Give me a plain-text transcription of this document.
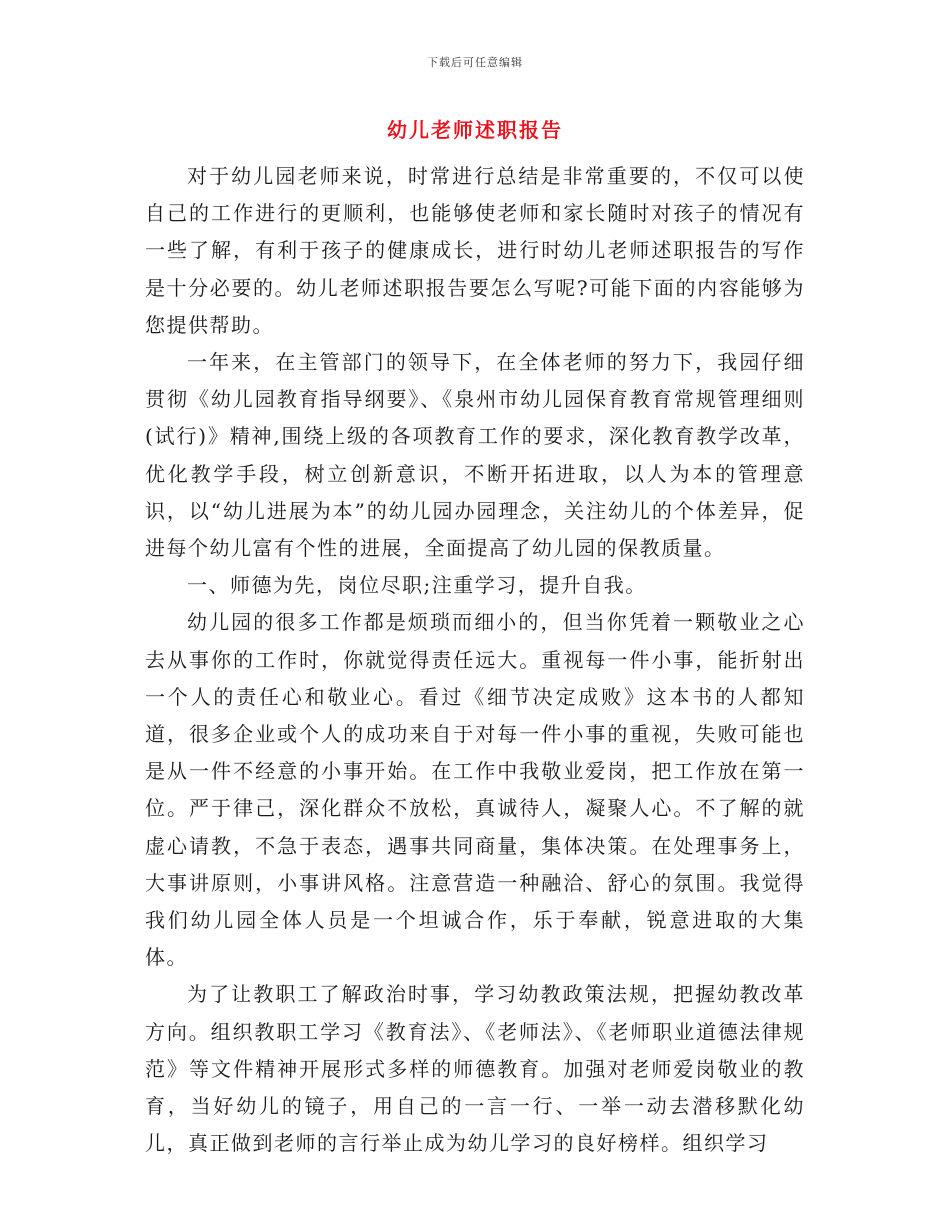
下载后可任意编辑
幼儿老师述职报告

对于幼儿园老师来说，时常进行总结是非常重要的，不仅可以使自己的工作进行的更顺利，也能够使老师和家长随时对孩子的情况有一些了解，有利于孩子的健康成长，进行时幼儿老师述职报告的写作是十分必要的。幼儿老师述职报告要怎么写呢?可能下面的内容能够为您提供帮助。

一年来，在主管部门的领导下，在全体老师的努力下，我园仔细贯彻《幼儿园教育指导纲要》、《泉州市幼儿园保育教育常规管理细则(试行)》精神,围绕上级的各项教育工作的要求，深化教育教学改革，优化教学手段，树立创新意识，不断开拓进取，以人为本的管理意识，以“幼儿进展为本”的幼儿园办园理念，关注幼儿的个体差异，促进每个幼儿富有个性的进展，全面提高了幼儿园的保教质量。

一、师德为先，岗位尽职;注重学习，提升自我。

幼儿园的很多工作都是烦琐而细小的，但当你凭着一颗敬业之心去从事你的工作时，你就觉得责任远大。重视每一件小事，能折射出一个人的责任心和敬业心。看过《细节决定成败》这本书的人都知道，很多企业或个人的成功来自于对每一件小事的重视，失败可能也是从一件不经意的小事开始。在工作中我敬业爱岗，把工作放在第一位。严于律己，深化群众不放松，真诚待人，凝聚人心。不了解的就虚心请教，不急于表态，遇事共同商量，集体决策。在处理事务上，大事讲原则，小事讲风格。注意营造一种融洽、舒心的氛围。我觉得我们幼儿园全体人员是一个坦诚合作，乐于奉献，锐意进取的大集体。

为了让教职工了解政治时事，学习幼教政策法规，把握幼教改革方向。组织教职工学习《教育法》、《老师法》、《老师职业道德法律规范》等文件精神开展形式多样的师德教育。加强对老师爱岗敬业的教育，当好幼儿的镜子，用自己的一言一行、一举一动去潜移默化幼儿，真正做到老师的言行举止成为幼儿学习的良好榜样。组织学习
